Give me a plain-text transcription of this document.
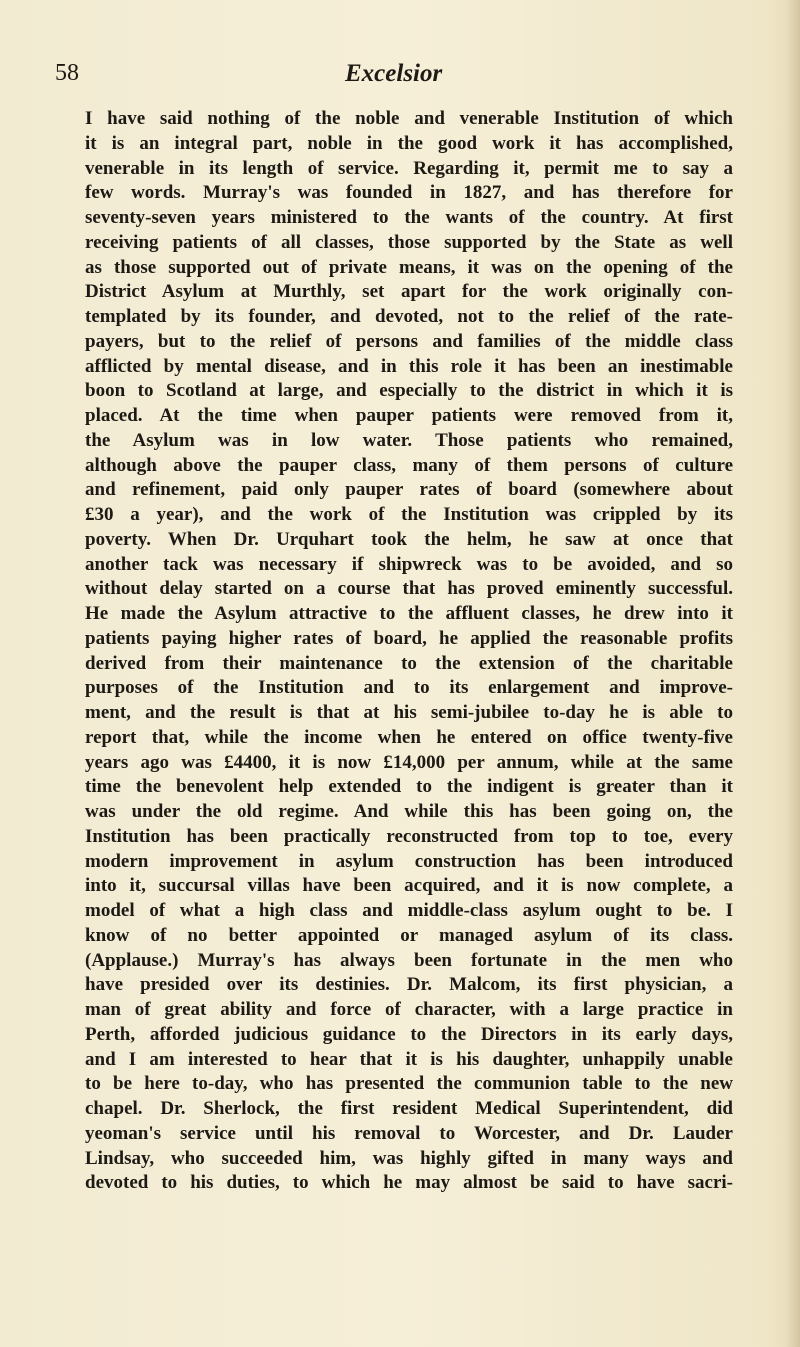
58	Excelsior
I have said nothing of the noble and venerable Institution of which
it is an integral part, noble in the good work it has accomplished,
venerable in its length of service. Regarding it, permit me to say a
few words. Murray's was founded in 1827, and has therefore for
seventy-seven years ministered to the wants of the country. At first
receiving patients of all classes, those supported by the State as well
as those supported out of private means, it was on the opening of the
District Asylum at Murthly, set apart for the work originally con-
templated by its founder, and devoted, not to the relief of the rate-
payers, but to the relief of persons and families of the middle class
afflicted by mental disease, and in this role it has been an inestimable
boon to Scotland at large, and especially to the district in which it is
placed. At the time when pauper patients were removed from it,
the Asylum was in low water. Those patients who remained,
although above the pauper class, many of them persons of culture
and refinement, paid only pauper rates of board (somewhere about
£30 a year), and the work of the Institution was crippled by its
poverty. When Dr. Urquhart took the helm, he saw at once that
another tack was necessary if shipwreck was to be avoided, and so
without delay started on a course that has proved eminently successful.
He made the Asylum attractive to the affluent classes, he drew into it
patients paying higher rates of board, he applied the reasonable profits
derived from their maintenance to the extension of the charitable
purposes of the Institution and to its enlargement and improve-
ment, and the result is that at his semi-jubilee to-day he is able to
report that, while the income when he entered on office twenty-five
years ago was £4400, it is now £14,000 per annum, while at the same
time the benevolent help extended to the indigent is greater than it
was under the old regime. And while this has been going on, the
Institution has been practically reconstructed from top to toe, every
modern improvement in asylum construction has been introduced
into it, succursal villas have been acquired, and it is now complete, a
model of what a high class and middle-class asylum ought to be. I
know of no better appointed or managed asylum of its class.
(Applause.) Murray's has always been fortunate in the men who
have presided over its destinies. Dr. Malcom, its first physician, a
man of great ability and force of character, with a large practice in
Perth, afforded judicious guidance to the Directors in its early days,
and I am interested to hear that it is his daughter, unhappily unable
to be here to-day, who has presented the communion table to the new
chapel. Dr. Sherlock, the first resident Medical Superintendent, did
yeoman's service until his removal to Worcester, and Dr. Lauder
Lindsay, who succeeded him, was highly gifted in many ways and
devoted to his duties, to which he may almost be said to have sacri-
